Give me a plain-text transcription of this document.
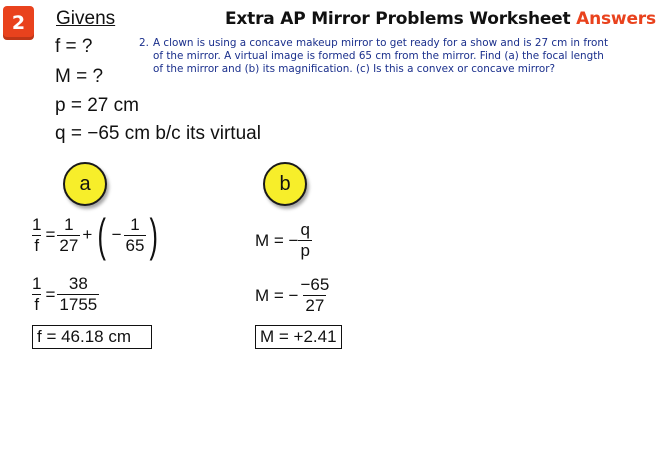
2	Givens
f = ?
M = ?
p = 27 cm
q = −65 cm b/c its virtual
Extra AP Mirror Problems Worksheet Answers
2. A clown is using a concave makeup mirror to get ready for a show and is 27 cm in front of the mirror. A virtual image is formed 65 cm from the mirror. Find (a) the focal length of the mirror and (b) its magnification. (c) Is this a convex or concave mirror?
a
$\frac{1}{f} = \frac{1}{27}$ + ( − $\frac{1}{65}$ )
$\frac{1}{f} = \frac{38}{1755}$
f = 46.18 cm
b
M = − $\frac{q}{p}$
M = − $\frac{-65}{27}$
M = +2.41
